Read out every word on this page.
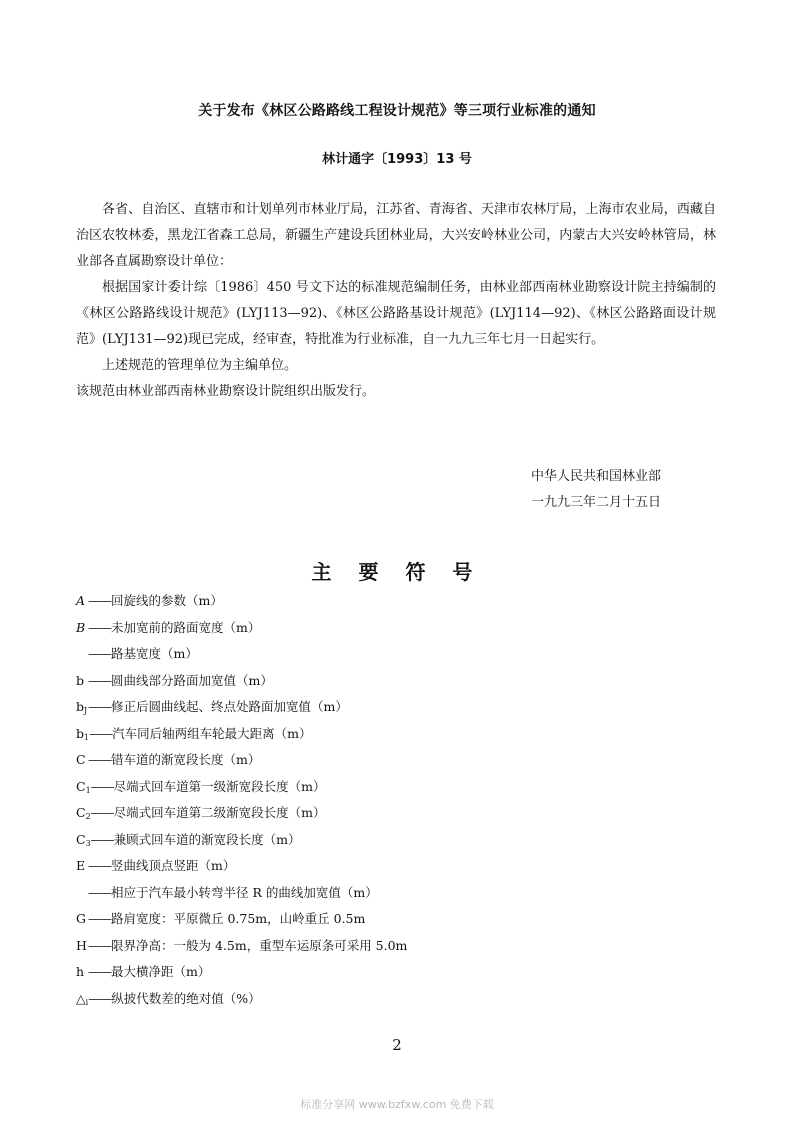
关于发布《林区公路路线工程设计规范》等三项行业标准的通知
林计通字〔1993〕13 号

各省、自治区、直辖市和计划单列市林业厅局，江苏省、青海省、天津市农林厅局，上海市农业局，西藏自治区农牧林委，黑龙江省森工总局，新疆生产建设兵团林业局，大兴安岭林业公司，内蒙古大兴安岭林管局，林业部各直属勘察设计单位：

根据国家计委计综〔1986〕450 号文下达的标准规范编制任务，由林业部西南林业勘察设计院主持编制的《林区公路路线设计规范》(LYJ113—92)、《林区公路路基设计规范》(LYJ114—92)、《林区公路路面设计规范》(LYJ131—92)现已完成，经审查，特批准为行业标准，自一九九三年七月一日起实行。

上述规范的管理单位为主编单位。

该规范由林业部西南林业勘察设计院组织出版发行。

中华人民共和国林业部
一九九三年二月十五日
主 要 符 号
A ——回旋线的参数（m）
B ——未加宽前的路面宽度（m）
——路基宽度（m）
b ——圆曲线部分路面加宽值（m）
$b_J——$修正后圆曲线起、终点处路面加宽值（m）
$b_1——$汽车同后轴两组车轮最大距离（m）
C ——错车道的渐宽段长度（m）
$C_1——$尽端式回车道第一级渐宽段长度（m）
$C_2——$尽端式回车道第二级渐宽段长度（m）
$C_3——$兼顾式回车道的渐宽段长度（m）
E ——竖曲线顶点竖距（m）
——相应于汽车最小转弯半径 R 的曲线加宽值（m）
G ——路肩宽度：平原微丘 0.75m，山岭重丘 0.5m
H——限界净高：一般为 4.5m，重型车运原条可采用 5.0m
h ——最大横净距（m）
$\triangle_i——$纵披代数差的绝对值（%）
2
标准分享网 www.bzfxw.com 免费下载
